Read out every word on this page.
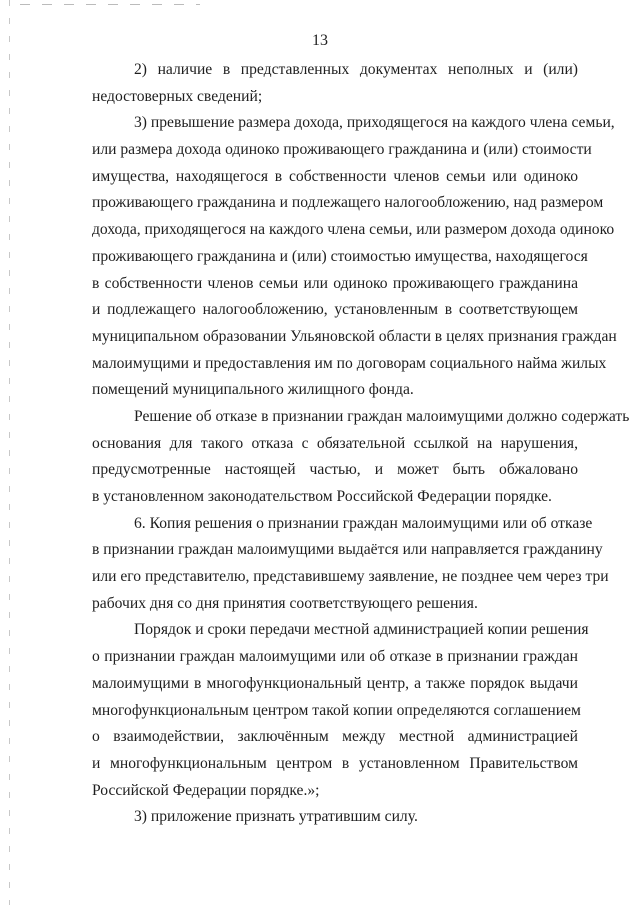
13
2) наличие в представленных документах неполных и (или)
недостоверных сведений;
3) превышение размера дохода, приходящегося на каждого члена семьи,
или размера дохода одиноко проживающего гражданина и (или) стоимости
имущества, находящегося в собственности членов семьи или одиноко
проживающего гражданина и подлежащего налогообложению, над размером
дохода, приходящегося на каждого члена семьи, или размером дохода одиноко
проживающего гражданина и (или) стоимостью имущества, находящегося
в собственности членов семьи или одиноко проживающего гражданина
и подлежащего налогообложению, установленным в соответствующем
муниципальном образовании Ульяновской области в целях признания граждан
малоимущими и предоставления им по договорам социального найма жилых
помещений муниципального жилищного фонда.
Решение об отказе в признании граждан малоимущими должно содержать
основания для такого отказа с обязательной ссылкой на нарушения,
предусмотренные настоящей частью, и может быть обжаловано
в установленном законодательством Российской Федерации порядке.
6. Копия решения о признании граждан малоимущими или об отказе
в признании граждан малоимущими выдаётся или направляется гражданину
или его представителю, представившему заявление, не позднее чем через три
рабочих дня со дня принятия соответствующего решения.
Порядок и сроки передачи местной администрацией копии решения
о признании граждан малоимущими или об отказе в признании граждан
малоимущими в многофункциональный центр, а также порядок выдачи
многофункциональным центром такой копии определяются соглашением
о взаимодействии, заключённым между местной администрацией
и многофункциональным центром в установленном Правительством
Российской Федерации порядке.»;
3) приложение признать утратившим силу.
